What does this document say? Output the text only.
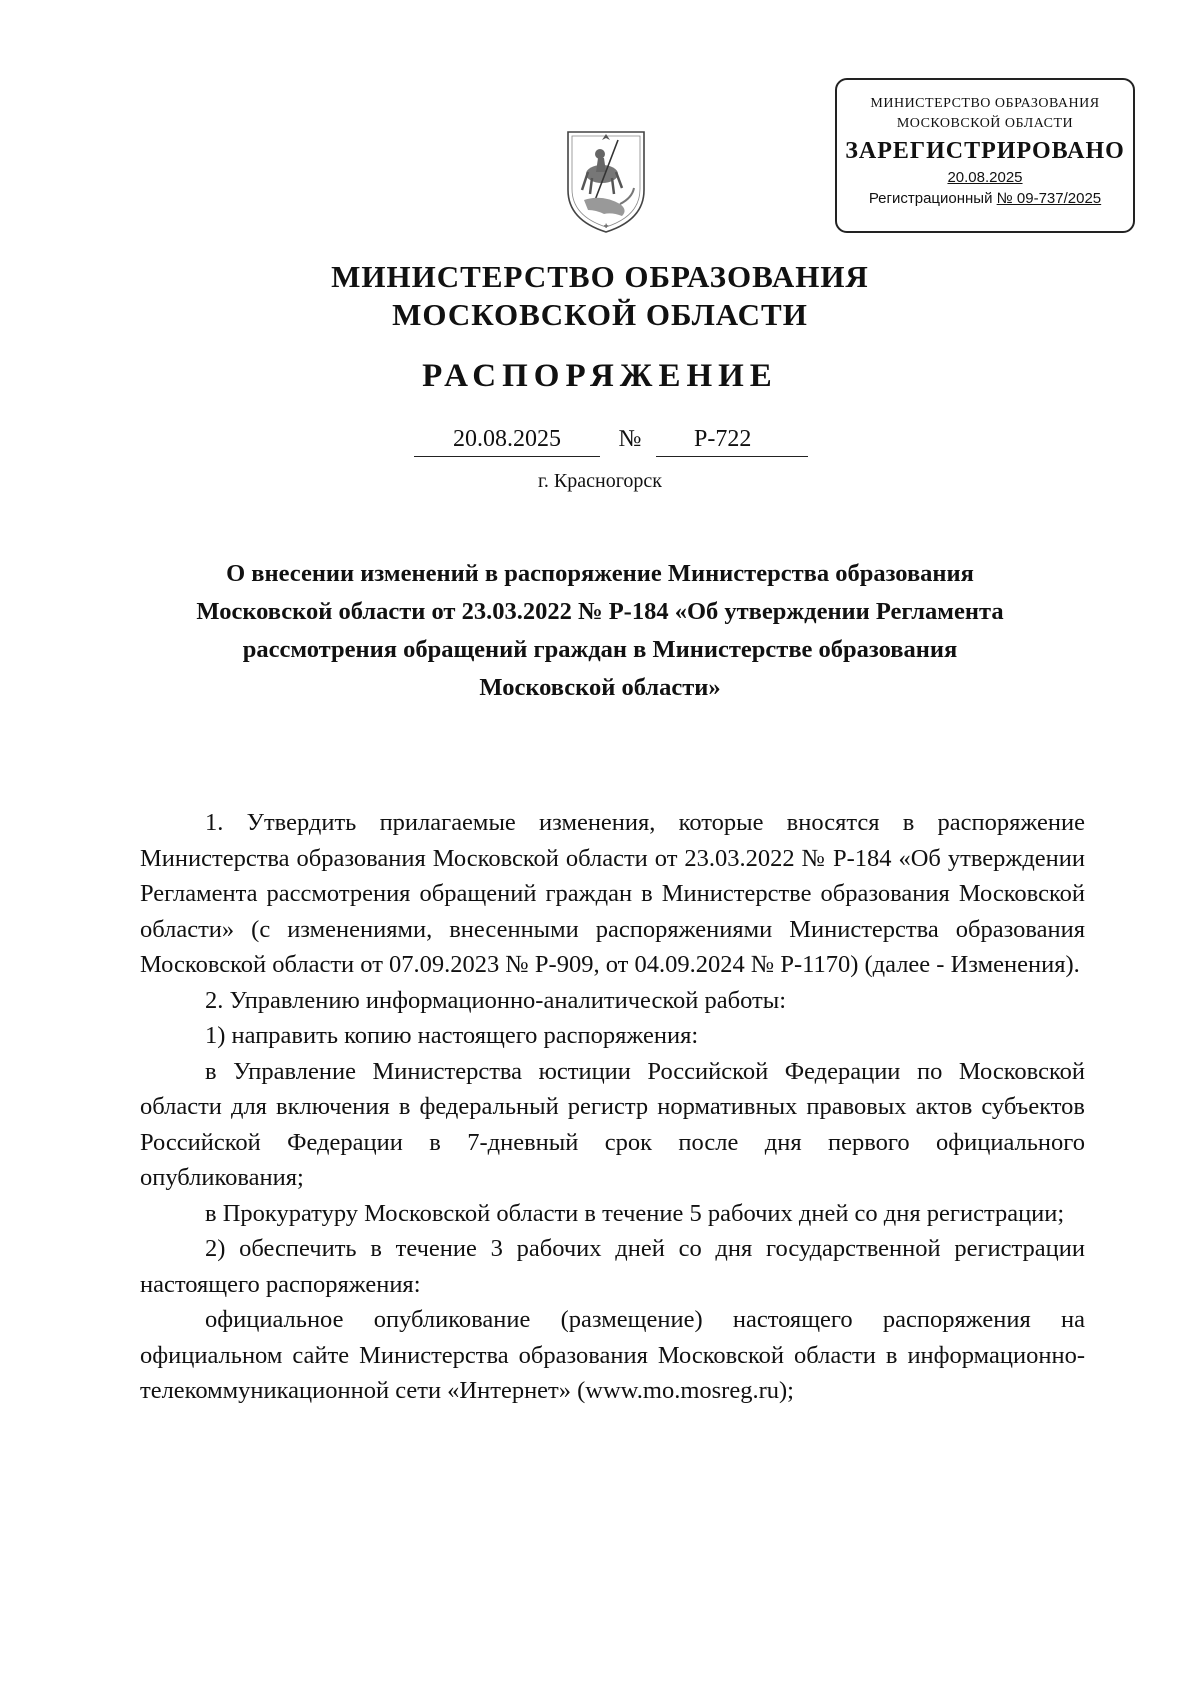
МИНИСТЕРСТВО ОБРАЗОВАНИЯ
МОСКОВСКОЙ ОБЛАСТИ
ЗАРЕГИСТРИРОВАНО
20.08.2025
Регистрационный № 09-737/2025
✚
МИНИСТЕРСТВО ОБРАЗОВАНИЯ
МОСКОВСКОЙ ОБЛАСТИ
РАСПОРЯЖЕНИЕ
20.08.2025	№	Р-722
г. Красногорск
О внесении изменений в распоряжение Министерства образования
Московской области от 23.03.2022 № Р-184 «Об утверждении Регламента
рассмотрения обращений граждан в Министерстве образования
Московской области»

1. Утвердить прилагаемые изменения, которые вносятся в распоряжение Министерства образования Московской области от 23.03.2022 № Р-184 «Об утверждении Регламента рассмотрения обращений граждан в Министерстве образования Московской области» (с изменениями, внесенными распоряжениями Министерства образования Московской области от 07.09.2023 № Р-909, от 04.09.2024 № Р-1170) (далее - Изменения).

2. Управлению информационно-аналитической работы:

1) направить копию настоящего распоряжения:

в Управление Министерства юстиции Российской Федерации по Московской области для включения в федеральный регистр нормативных правовых актов субъектов Российской Федерации в 7-дневный срок после дня первого официального опубликования;

в Прокуратуру Московской области в течение 5 рабочих дней со дня регистрации;

2) обеспечить в течение 3 рабочих дней со дня государственной регистрации настоящего распоряжения:

официальное опубликование (размещение) настоящего распоряжения на официальном сайте Министерства образования Московской области в информационно-телекоммуникационной сети «Интернет» (www.mo.mosreg.ru);
